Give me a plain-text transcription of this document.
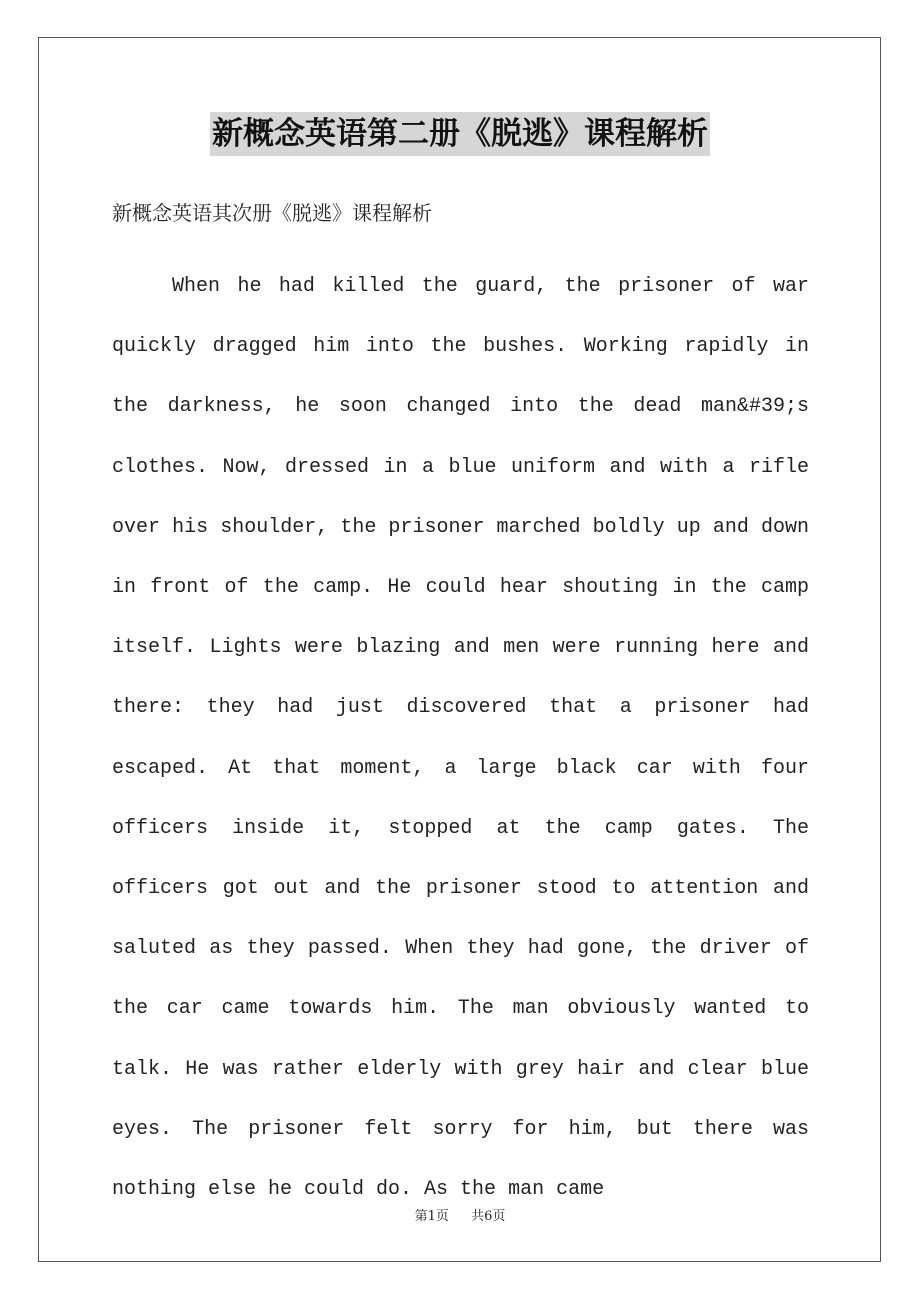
新概念英语第二册《脱逃》课程解析
新概念英语其次册《脱逃》课程解析

When he had killed the guard, the prisoner of war quickly dragged him into the bushes. Working rapidly in the darkness, he soon changed into the dead man&#39;s clothes. Now, dressed in a blue uniform and with a rifle over his shoulder, the prisoner marched boldly up and down in front of the camp. He could hear shouting in the camp itself. Lights were blazing and men were running here and there: they had just discovered that a prisoner had escaped. At that moment, a large black car with four officers inside it, stopped at the camp gates. The officers got out and the prisoner stood to attention and saluted as they passed. When they had gone, the driver of the car came towards him. The man obviously wanted to talk. He was rather elderly with grey hair and clear blue eyes. The prisoner felt sorry for him, but there was nothing else he could do. As the man came

第1页 共6页
